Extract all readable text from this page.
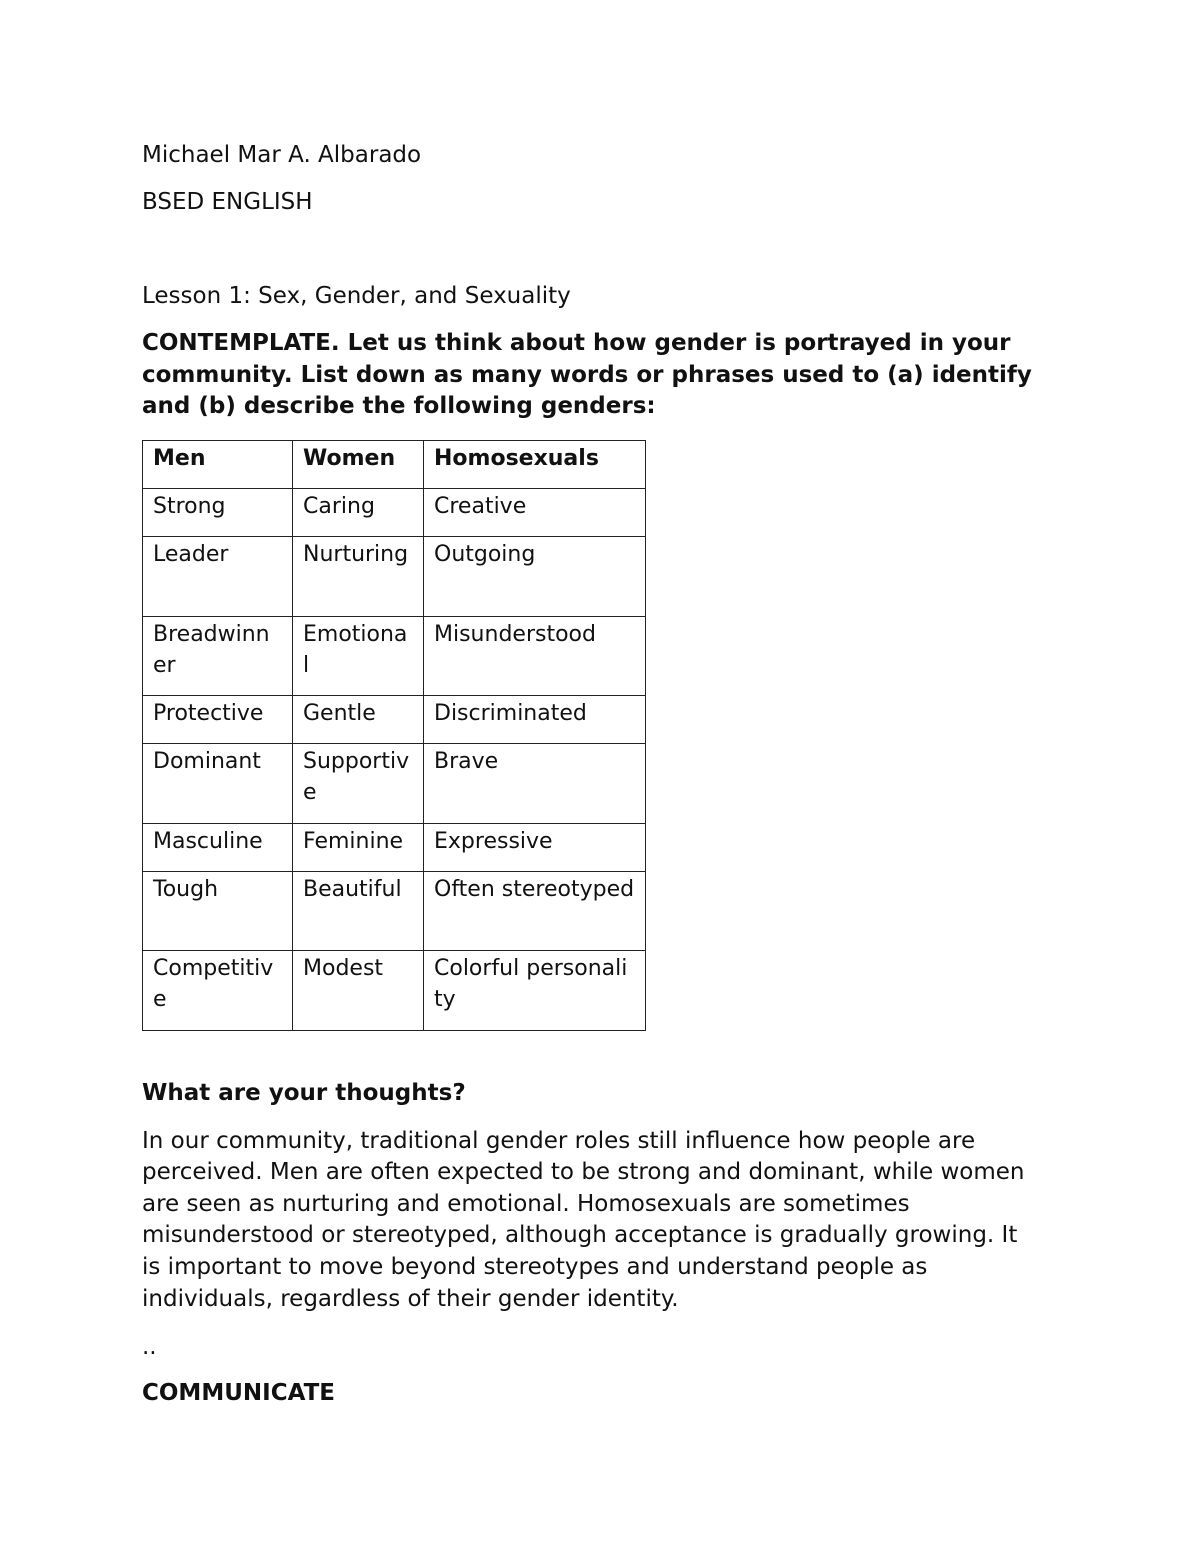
Michael Mar A. Albarado

BSED ENGLISH

Lesson 1: Sex, Gender, and Sexuality

CONTEMPLATE. Let us think about how gender is portrayed in your

community. List down as many words or phrases used to (a) identify

and (b) describe the following genders:

Men	Women	Homosexuals
Strong	Caring	Creative
Leader	Nurturing	Outgoing
Breadwinner	Emotional	Misunderstood
Protective	Gentle	Discriminated
Dominant	Supportive	Brave
Masculine	Feminine	Expressive
Tough	Beautiful	Often stereotyped
Competitive	Modest	Colorful personality

What are your thoughts?

In our community, traditional gender roles still influence how people are

perceived. Men are often expected to be strong and dominant, while women

are seen as nurturing and emotional. Homosexuals are sometimes

misunderstood or stereotyped, although acceptance is gradually growing. It

is important to move beyond stereotypes and understand people as

individuals, regardless of their gender identity.

..

COMMUNICATE
